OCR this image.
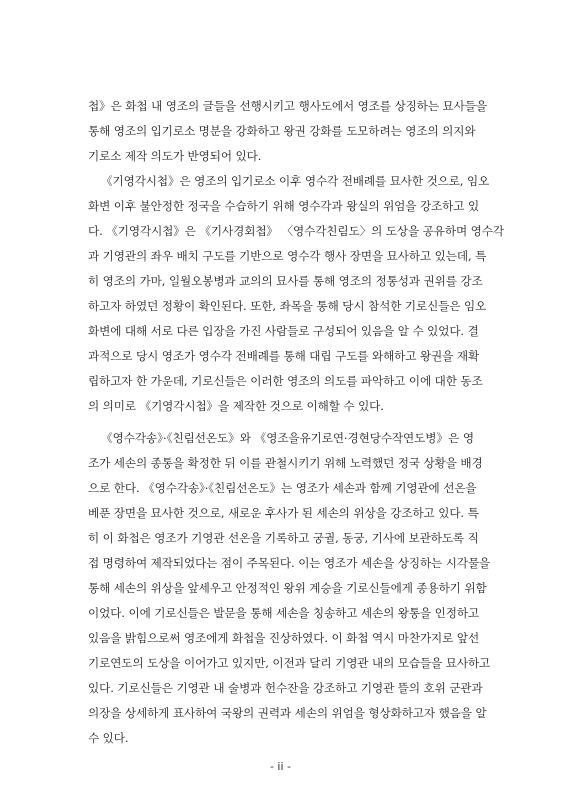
첩》은 화첩 내 영조의 글들을 선행시키고 행사도에서 영조를 상징하는 묘사들을
통해 영조의 입기로소 명분을 강화하고 왕권 강화를 도모하려는 영조의 의지와
기로소 제작 의도가 반영되어 있다.
《기영각시첩》은 영조의 입기로소 이후 영수각 전배례를 묘사한 것으로, 임오
화변 이후 불안정한 정국을 수습하기 위해 영수각과 왕실의 위엄을 강조하고 있
다. 《기영각시첩》은 《기사경회첩》 〈영수각친림도〉의 도상을 공유하며 영수각
과 기영관의 좌우 배치 구도를 기반으로 영수각 행사 장면을 묘사하고 있는데, 특
히 영조의 가마, 일월오봉병과 교의의 묘사를 통해 영조의 정통성과 권위를 강조
하고자 하였던 정황이 확인된다. 또한, 좌목을 통해 당시 참석한 기로신들은 임오
화변에 대해 서로 다른 입장을 가진 사람들로 구성되어 있음을 알 수 있었다. 결
과적으로 당시 영조가 영수각 전배례를 통해 대립 구도를 와해하고 왕권을 재확
립하고자 한 가운데, 기로신들은 이러한 영조의 의도를 파악하고 이에 대한 동조
의 의미로 《기영각시첩》을 제작한 것으로 이해할 수 있다.
《영수각송》·《친림선온도》와 《영조을유기로연·경현당수작연도병》은 영
조가 세손의 종통을 확정한 뒤 이를 관철시키기 위해 노력했던 정국 상황을 배경
으로 한다. 《영수각송》·《친림선온도》는 영조가 세손과 함께 기영관에 선온을
베푼 장면을 묘사한 것으로, 새로운 후사가 된 세손의 위상을 강조하고 있다. 특
히 이 화첩은 영조가 기영관 선온을 기록하고 궁궐, 동궁, 기사에 보관하도록 직
접 명령하여 제작되었다는 점이 주목된다. 이는 영조가 세손을 상징하는 시각물을
통해 세손의 위상을 앞세우고 안정적인 왕위 계승을 기로신들에게 종용하기 위함
이었다. 이에 기로신들은 발문을 통해 세손을 칭송하고 세손의 왕통을 인정하고
있음을 밝힘으로써 영조에게 화첩을 진상하였다. 이 화첩 역시 마찬가지로 앞선
기로연도의 도상을 이어가고 있지만, 이전과 달리 기영관 내의 모습들을 묘사하고
있다. 기로신들은 기영관 내 술병과 헌수잔을 강조하고 기영관 뜰의 호위 군관과
의장을 상세하게 표사하여 국왕의 권력과 세손의 위엄을 형상화하고자 했음을 알
수 있다.
- ii -
